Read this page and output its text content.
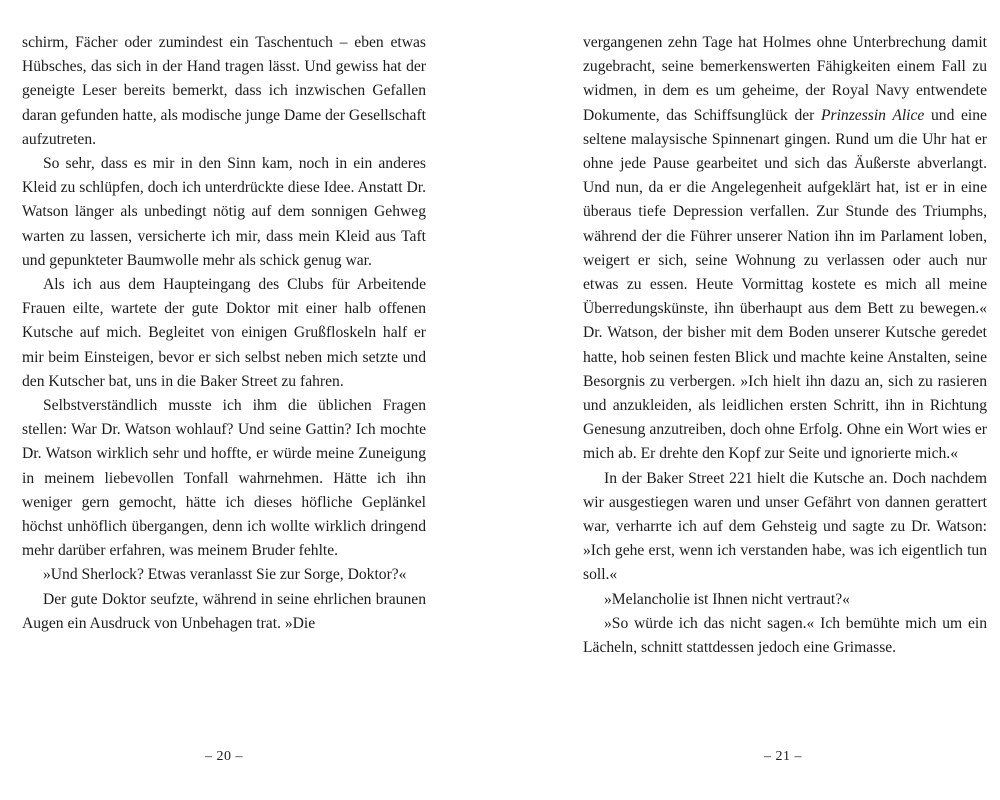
schirm, Fächer oder zumindest ein Taschentuch – eben etwas Hübsches, das sich in der Hand tragen lässt. Und gewiss hat der geneigte Leser bereits bemerkt, dass ich inzwischen Gefallen daran gefunden hatte, als modische junge Dame der Gesellschaft aufzutreten.

So sehr, dass es mir in den Sinn kam, noch in ein anderes Kleid zu schlüpfen, doch ich unterdrückte diese Idee. Anstatt Dr. Watson länger als unbedingt nötig auf dem sonnigen Gehweg warten zu lassen, versicherte ich mir, dass mein Kleid aus Taft und gepunkteter Baumwolle mehr als schick genug war.

Als ich aus dem Haupteingang des Clubs für Arbeitende Frauen eilte, wartete der gute Doktor mit einer halb offenen Kutsche auf mich. Begleitet von einigen Grußfloskeln half er mir beim Einsteigen, bevor er sich selbst neben mich setzte und den Kutscher bat, uns in die Baker Street zu fahren.

Selbstverständlich musste ich ihm die üblichen Fragen stellen: War Dr. Watson wohlauf? Und seine Gattin? Ich mochte Dr. Watson wirklich sehr und hoffte, er würde meine Zuneigung in meinem liebevollen Tonfall wahrnehmen. Hätte ich ihn weniger gern gemocht, hätte ich dieses höfliche Geplänkel höchst unhöflich übergangen, denn ich wollte wirklich dringend mehr darüber erfahren, was meinem Bruder fehlte.

»Und Sherlock? Etwas veranlasst Sie zur Sorge, Doktor?«

Der gute Doktor seufzte, während in seine ehrlichen braunen Augen ein Ausdruck von Unbehagen trat. »Die

– 20 –

vergangenen zehn Tage hat Holmes ohne Unterbrechung damit zugebracht, seine bemerkenswerten Fähigkeiten einem Fall zu widmen, in dem es um geheime, der Royal Navy entwendete Dokumente, das Schiffsunglück der Prinzessin Alice und eine seltene malaysische Spinnenart gingen. Rund um die Uhr hat er ohne jede Pause gearbeitet und sich das Äußerste abverlangt. Und nun, da er die Angelegenheit aufgeklärt hat, ist er in eine überaus tiefe Depression verfallen. Zur Stunde des Triumphs, während der die Führer unserer Nation ihn im Parlament loben, weigert er sich, seine Wohnung zu verlassen oder auch nur etwas zu essen. Heute Vormittag kostete es mich all meine Überredungskünste, ihn überhaupt aus dem Bett zu bewegen.« Dr. Watson, der bisher mit dem Boden unserer Kutsche geredet hatte, hob seinen festen Blick und machte keine Anstalten, seine Besorgnis zu verbergen. »Ich hielt ihn dazu an, sich zu rasieren und anzukleiden, als leidlichen ersten Schritt, ihn in Richtung Genesung anzutreiben, doch ohne Erfolg. Ohne ein Wort wies er mich ab. Er drehte den Kopf zur Seite und ignorierte mich.«

In der Baker Street 221 hielt die Kutsche an. Doch nachdem wir ausgestiegen waren und unser Gefährt von dannen gerattert war, verharrte ich auf dem Gehsteig und sagte zu Dr. Watson: »Ich gehe erst, wenn ich verstanden habe, was ich eigentlich tun soll.«

»Melancholie ist Ihnen nicht vertraut?«

»So würde ich das nicht sagen.« Ich bemühte mich um ein Lächeln, schnitt stattdessen jedoch eine Grimasse.

– 21 –
